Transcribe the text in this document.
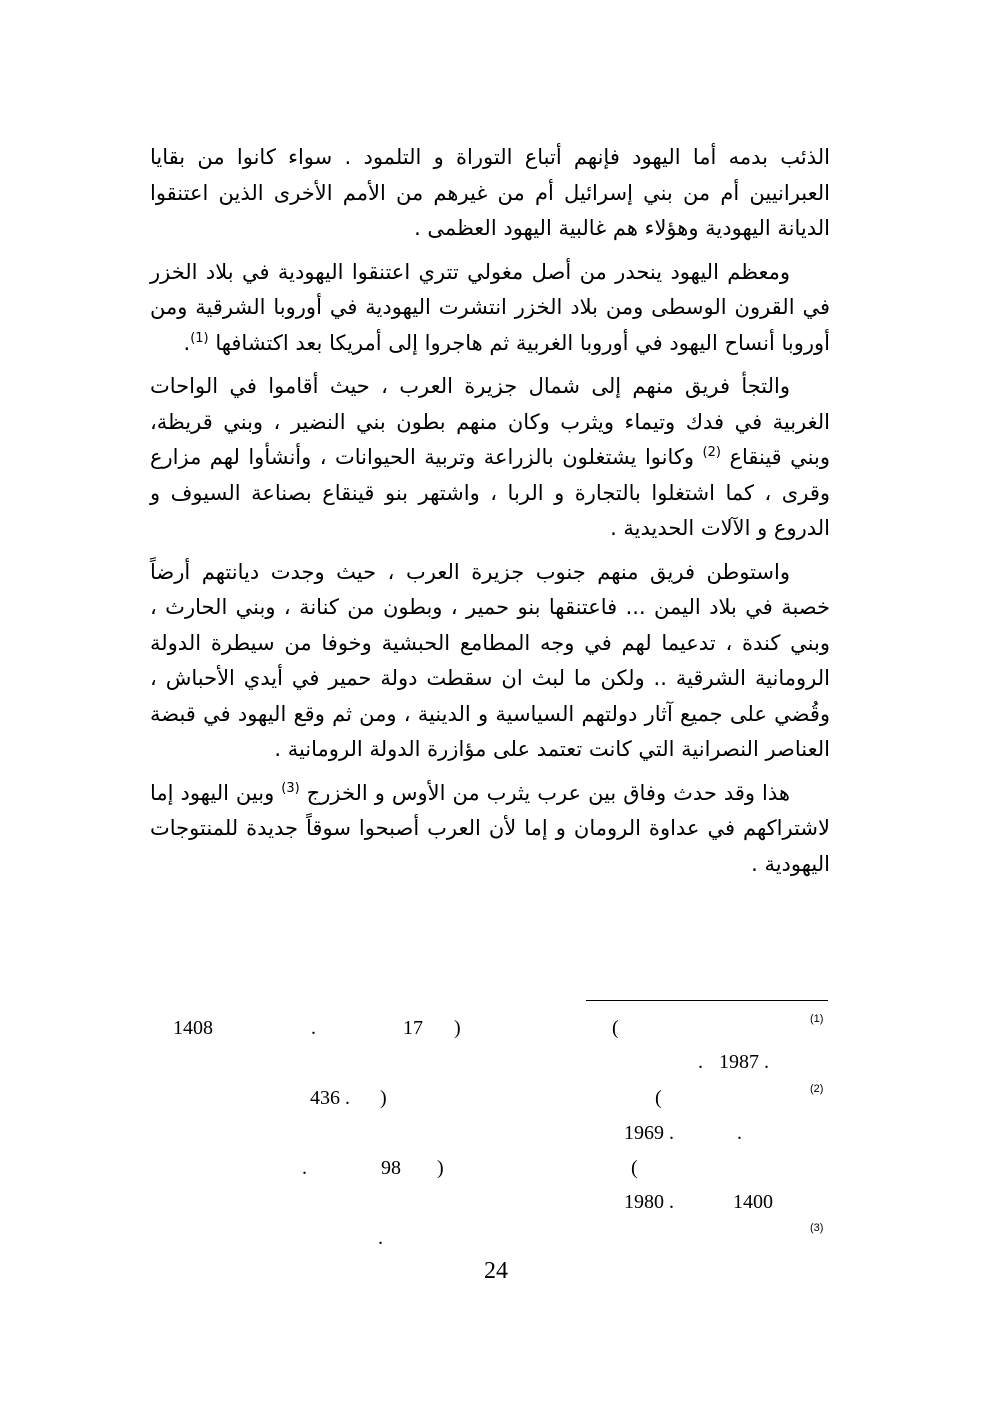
الذئب بدمه أما اليهود فإنهم أتباع التوراة و التلمود . سواء كانوا من بقايا العبرانيين أم من بني إسرائيل أم من غيرهم من الأمم الأخرى الذين اعتنقوا الديانة اليهودية وهؤلاء هم غالبية اليهود العظمى .

ومعظم اليهود ينحدر من أصل مغولي تتري اعتنقوا اليهودية في بلاد الخزر في القرون الوسطى ومن بلاد الخزر انتشرت اليهودية في أوروبا الشرقية ومن أوروبا أنساح اليهود في أوروبا الغربية ثم هاجروا إلى أمريكا بعد اكتشافها $^{(1)}$.

والتجأ فريق منهم إلى شمال جزيرة العرب ، حيث أقاموا في الواحات الغربية في فدك وتيماء ويثرب وكان منهم بطون بني النضير ، وبني قريظة، وبني قينقاع $^{(2)}$ وكانوا يشتغلون بالزراعة وتربية الحيوانات ، وأنشأوا لهم مزارع وقرى ، كما اشتغلوا بالتجارة و الربا ، واشتهر بنو قينقاع بصناعة السيوف و الدروع و الآلات الحديدية .

واستوطن فريق منهم جنوب جزيرة العرب ، حيث وجدت ديانتهم أرضاً خصبة في بلاد اليمن ... فاعتنقها بنو حمير ، وبطون من كنانة ، وبني الحارث ، وبني كندة ، تدعيما لهم في وجه المطامع الحبشية وخوفا من سيطرة الدولة الرومانية الشرقية .. ولكن ما لبث ان سقطت دولة حمير في أيدي الأحباش ، وقُضي على جميع آثار دولتهم السياسية و الدينية ، ومن ثم وقع اليهود في قبضة العناصر النصرانية التي كانت تعتمد على مؤازرة الدولة الرومانية .

هذا وقد حدث وفاق بين عرب يثرب من الأوس و الخزرج $^{(3)}$ وبين اليهود إما لاشتراكهم في عداوة الرومان و إما لأن العرب أصبحوا سوقاً جديدة للمنتوجات اليهودية .

(1)
(
)
17
.
1408
1987 .
.
(2)
(
)
436 .
1969 .	.
(
)
98
.
1980 .	1400
(3)
.
24
